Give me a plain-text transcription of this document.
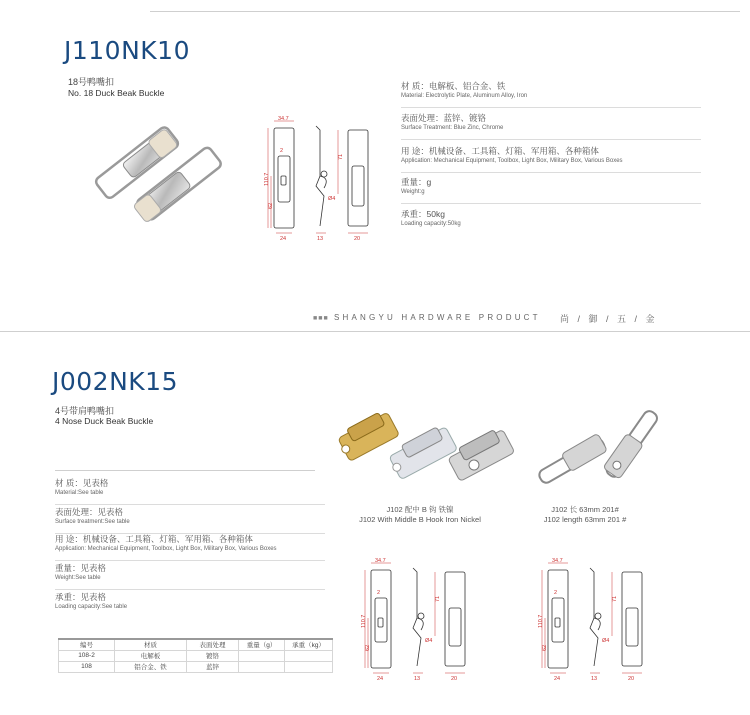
J110NK10
18号鸭嘴扣
No. 18 Duck Beak Buckle
34.7
2
110.7
62
71
Ø4
24	13	20
材 质：电解板、铝合金、铁
Material: Electrolytic Plate, Aluminum Alloy, Iron
表面处理：蓝锌、镀铬
Surface Treatment: Blue Zinc, Chrome
用 途：机械设备、工具箱、灯箱、军用箱、各种箱体
Application: Mechanical Equipment, Toolbox, Light Box, Military Box, Various Boxes
重量：g
Weight:g
承重：50kg
Loading capacity:50kg
■■■ SHANGYU HARDWARE PRODUCT 尚 / 御 / 五 / 金
J002NK15
4号带肩鸭嘴扣
4 Nose Duck Beak Buckle
材 质：见表格
Material:See table
表面处理：见表格
Surface treatment:See table
用 途：机械设备、工具箱、灯箱、军用箱、各种箱体
Application: Mechanical Equipment, Toolbox, Light Box, Military Box, Various Boxes
重量：见表格
Weight:See table
承重：见表格
Loading capacity:See table
J102 配中 B 钩 铁镍
J102 With Middle B Hook Iron Nickel
J102 长 63mm 201#
J102 length 63mm 201 #
34.7
2
110.7
62
71
Ø4
24	13	20
34.7
2
110.7
62
71
Ø4
24	13	20
编号	材质	表面处理	重量（g）	承重（kg）
108-2	电解板	镀铬		
108	铝合金、铁	蓝锌		
